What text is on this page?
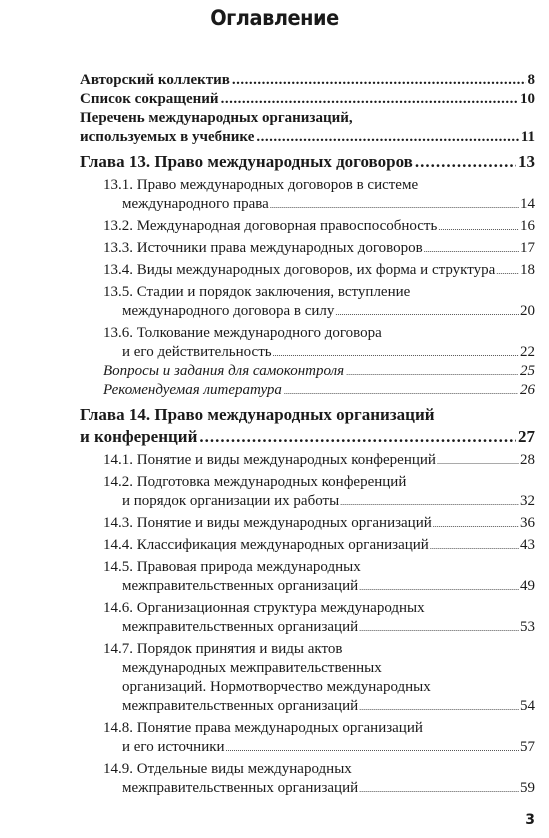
Оглавление
Авторский коллектив .....	8
Список сокращений .....	10
Перечень международных организаций,
используемых в учебнике .....	11
Глава 13. Право международных договоров .....	13
13.1. Право международных договоров в системе
международного права .....	14
13.2. Международная договорная правоспособность .....	16
13.3. Источники права международных договоров .....	17
13.4. Виды международных договоров, их форма и структура ..... 18
13.5. Стадии и порядок заключения, вступление
международного договора в силу .....	20
13.6. Толкование международного договора
и его действительность .....	22
Вопросы и задания для самоконтроля .....	25
Рекомендуемая литература .....	26
Глава 14. Право международных организаций
и конференций .....	27
14.1. Понятие и виды международных конференций .....	28
14.2. Подготовка международных конференций
и порядок организации их работы .....	32
14.3. Понятие и виды международных организаций .....	36
14.4. Классификация международных организаций .....	43
14.5. Правовая природа международных
межправительственных организаций .....	49
14.6. Организационная структура международных
межправительственных организаций .....	53
14.7. Порядок принятия и виды актов
международных межправительственных
организаций. Нормотворчество международных
межправительственных организаций .....	54
14.8. Понятие права международных организаций
и его источники .....	57
14.9. Отдельные виды международных
межправительственных организаций .....	59
3
